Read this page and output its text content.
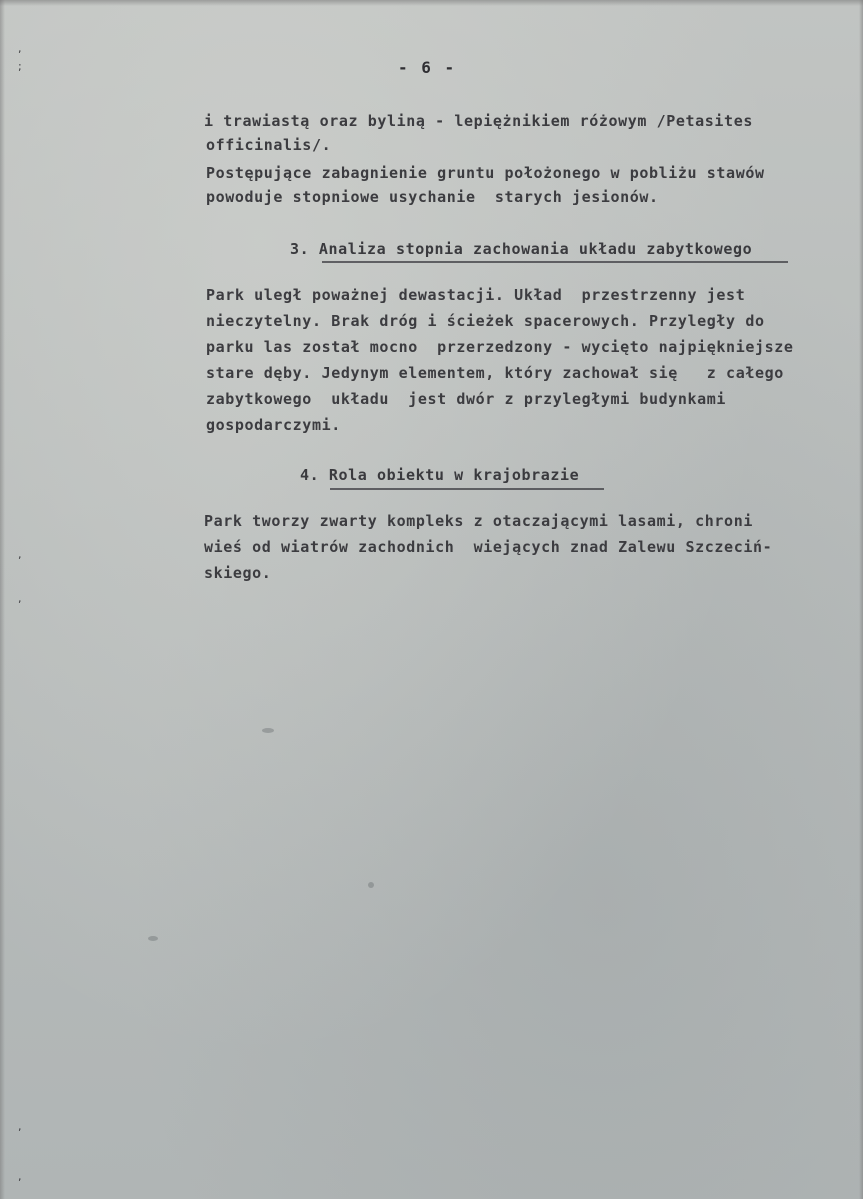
,
;
,
,
,
,
- 6 -
i trawiastą oraz byliną - lepiężnikiem różowym /Petasites
officinalis/.
Postępujące zabagnienie gruntu położonego w pobliżu stawów
powoduje stopniowe usychanie  starych jesionów.
3. Analiza stopnia zachowania układu zabytkowego
Park uległ poważnej dewastacji. Układ  przestrzenny jest
nieczytelny. Brak dróg i ścieżek spacerowych. Przyległy do
parku las został mocno  przerzedzony - wycięto najpiękniejsze
stare dęby. Jedynym elementem, który zachował się   z całego
zabytkowego  układu  jest dwór z przyległymi budynkami
gospodarczymi.
4. Rola obiektu w krajobrazie
Park tworzy zwarty kompleks z otaczającymi lasami, chroni
wieś od wiatrów zachodnich  wiejących znad Zalewu Szczeciń-
skiego.
